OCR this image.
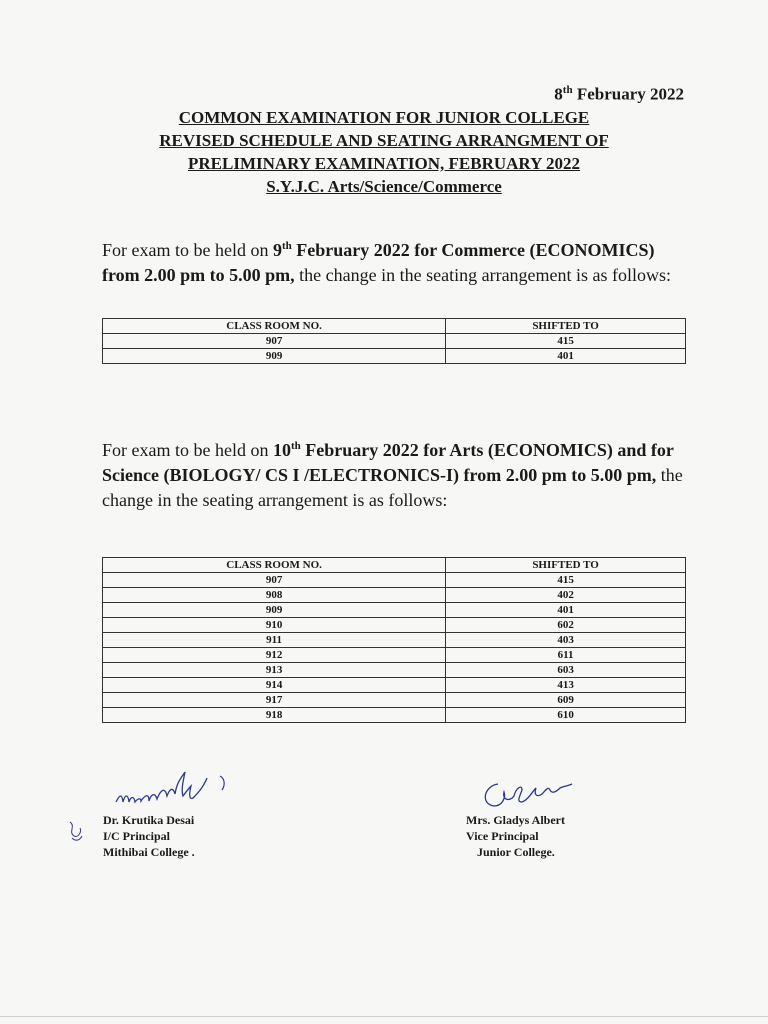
8th February 2022
COMMON EXAMINATION FOR JUNIOR COLLEGE
REVISED SCHEDULE AND SEATING ARRANGMENT OF
PRELIMINARY EXAMINATION, FEBRUARY 2022
S.Y.J.C. Arts/Science/Commerce
For exam to be held on 9th February 2022 for Commerce (ECONOMICS) from 2.00 pm to 5.00 pm, the change in the seating arrangement is as follows:
CLASS ROOM NO.	SHIFTED TO
907	415
909	401
For exam to be held on 10th February 2022 for Arts (ECONOMICS) and for Science (BIOLOGY/ CS I /ELECTRONICS-I) from 2.00 pm to 5.00 pm, the change in the seating arrangement is as follows:
CLASS ROOM NO.	SHIFTED TO
907	415
908	402
909	401
910	602
911	403
912	611
913	603
914	413
917	609
918	610
Dr. Krutika Desai
I/C Principal
Mithibai College .
Mrs. Gladys Albert
Vice Principal
Junior College.
